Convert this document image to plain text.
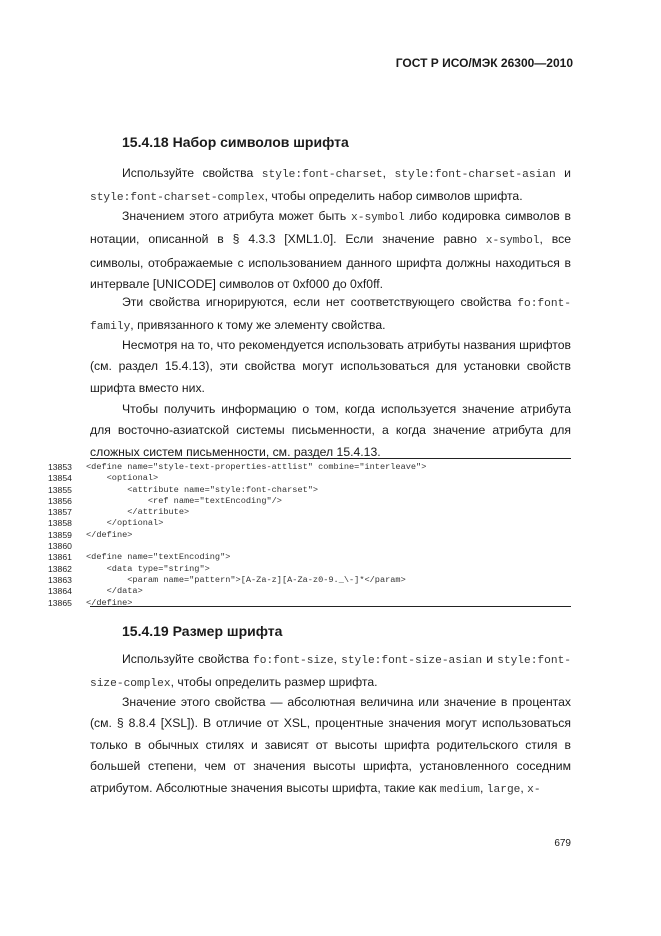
ГОСТ Р ИСО/МЭК 26300—2010
15.4.18 Набор символов шрифта
Используйте свойства style:font-charset, style:font-charset-asian и style:font-charset-complex, чтобы определить набор символов шрифта.
Значением этого атрибута может быть x-symbol либо кодировка символов в нотации, описанной в § 4.3.3 [XML1.0]. Если значение равно x-symbol, все символы, отображаемые с использованием данного шрифта должны находиться в интервале [UNICODE] символов от 0xf000 до 0xf0ff.
Эти свойства игнорируются, если нет соответствующего свойства fo:font-family, привязанного к тому же элементу свойства.
Несмотря на то, что рекомендуется использовать атрибуты названия шрифтов (см. раздел 15.4.13), эти свойства могут использоваться для установки свойств шрифта вместо них.
Чтобы получить информацию о том, когда используется значение атрибута для восточно-азиатской системы письменности, а когда значение атрибута для сложных систем письменности, см. раздел 15.4.13.
13853	<define name="style-text-properties-attlist" combine="interleave">
13854	<optional>
13855	<attribute name="style:font-charset">
13856	<ref name="textEncoding"/>
13857	</attribute>
13858	</optional>
13859	</define>
13860
13861	<define name="textEncoding">
13862	<data type="string">
13863	<param name="pattern">[A-Za-z][A-Za-z0-9._\-]*</param>
13864	</data>
13865	</define>
15.4.19 Размер шрифта
Используйте свойства fo:font-size, style:font-size-asian и style:font-size-complex, чтобы определить размер шрифта.
Значение этого свойства — абсолютная величина или значение в процентах (см. § 8.8.4 [XSL]). В отличие от XSL, процентные значения могут использоваться только в обычных стилях и зависят от высоты шрифта родительского стиля в большей степени, чем от значения высоты шрифта, установленного соседним атрибутом. Абсолютные значения высоты шрифта, такие как medium, large, x-
679
